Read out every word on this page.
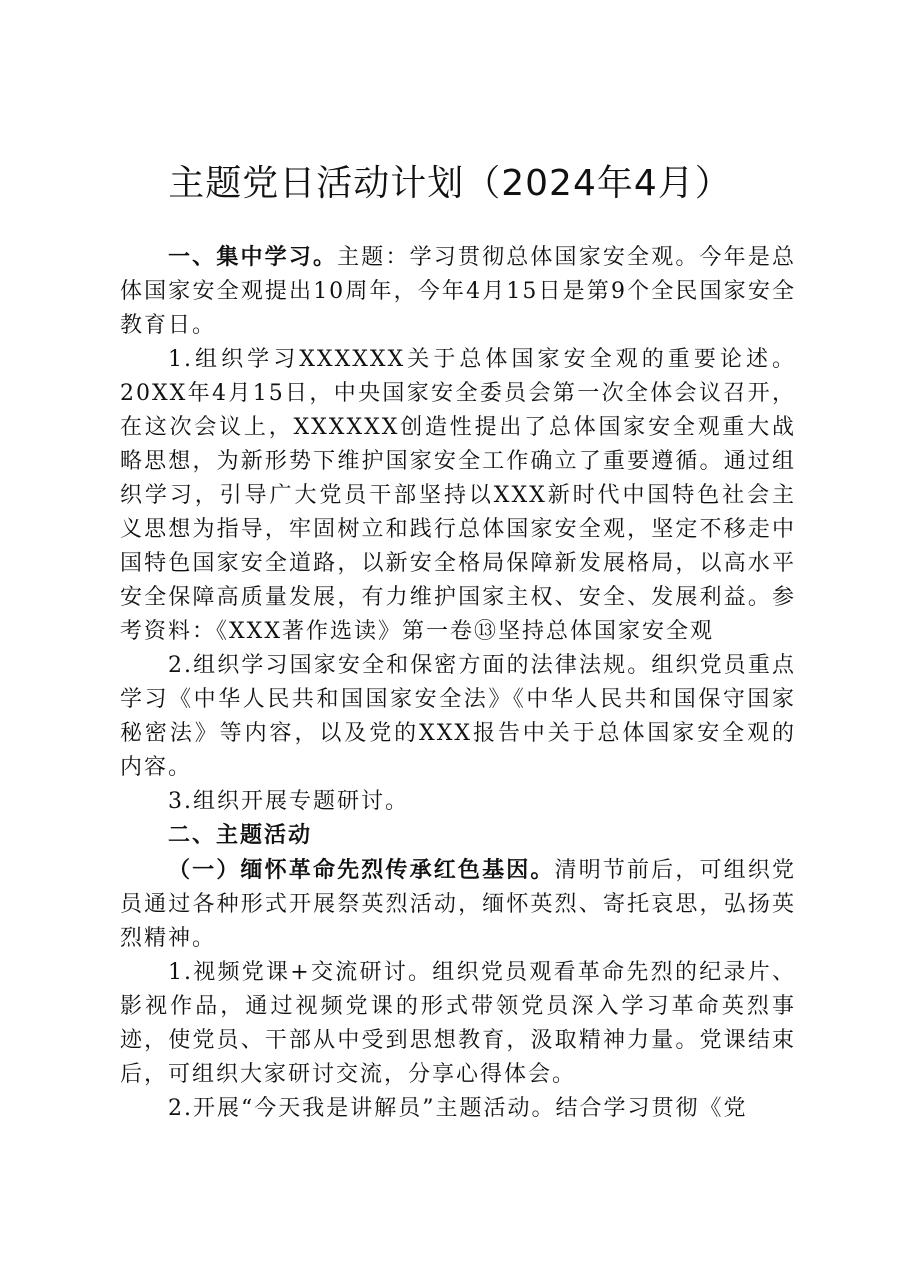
主题党日活动计划（2024年4月）

一、集中学习。主题：学习贯彻总体国家安全观。今年是总体国家安全观提出10周年，今年4月15日是第9个全民国家安全教育日。

1.组织学习XXXXXX关于总体国家安全观的重要论述。20XX年4月15日，中央国家安全委员会第一次全体会议召开，在这次会议上，XXXXXX创造性提出了总体国家安全观重大战略思想，为新形势下维护国家安全工作确立了重要遵循。通过组织学习，引导广大党员干部坚持以XXX新时代中国特色社会主义思想为指导，牢固树立和践行总体国家安全观，坚定不移走中国特色国家安全道路，以新安全格局保障新发展格局，以高水平安全保障高质量发展，有力维护国家主权、安全、发展利益。参考资料：《XXX著作选读》第一卷⑬坚持总体国家安全观

2.组织学习国家安全和保密方面的法律法规。组织党员重点学习《中华人民共和国国家安全法》《中华人民共和国保守国家秘密法》等内容，以及党的XXX报告中关于总体国家安全观的内容。

3.组织开展专题研讨。

二、主题活动

（一）缅怀革命先烈传承红色基因。清明节前后，可组织党员通过各种形式开展祭英烈活动，缅怀英烈、寄托哀思，弘扬英烈精神。

1.视频党课+交流研讨。组织党员观看革命先烈的纪录片、影视作品，通过视频党课的形式带领党员深入学习革命英烈事迹，使党员、干部从中受到思想教育，汲取精神力量。党课结束后，可组织大家研讨交流，分享心得体会。

2.开展“今天我是讲解员”主题活动。结合学习贯彻《党
